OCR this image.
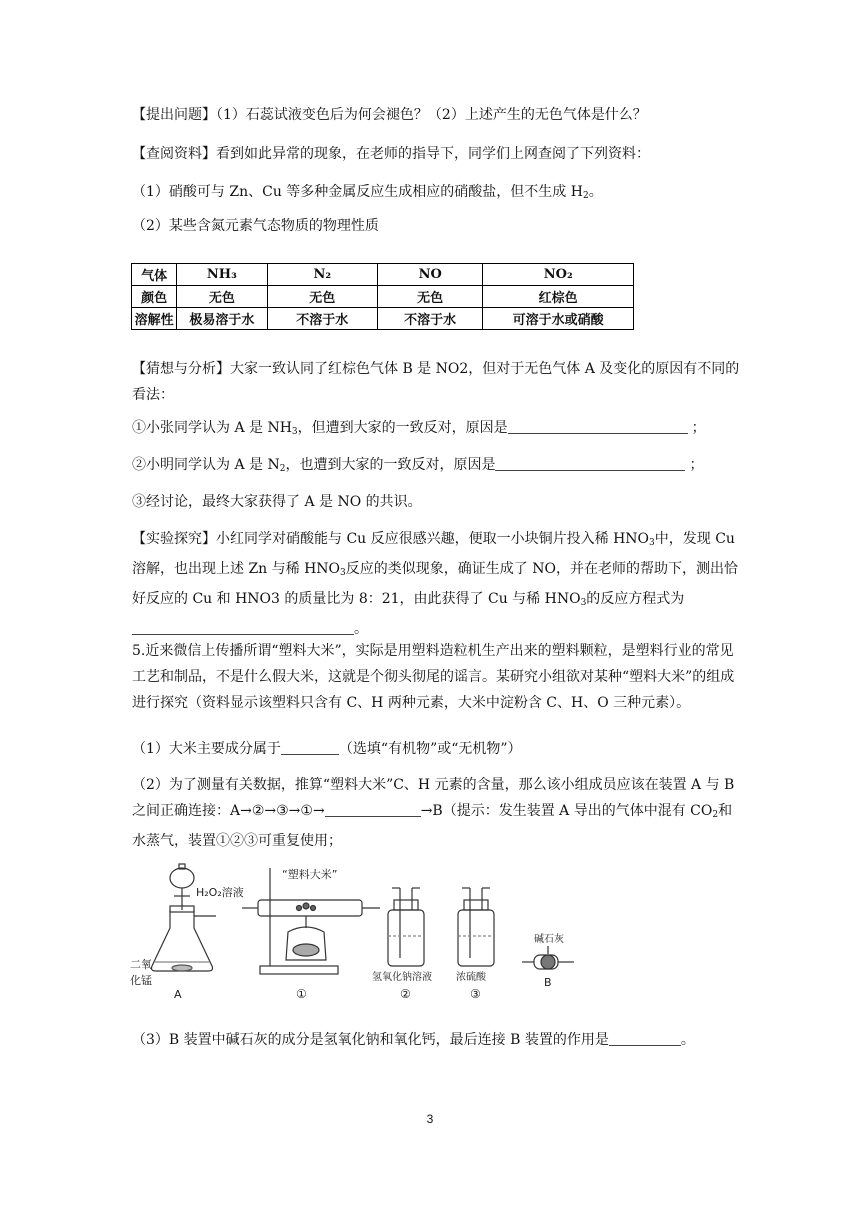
【提出问题】（1）石蕊试液变色后为何会褪色？（2）上述产生的无色气体是什么？

【查阅资料】看到如此异常的现象，在老师的指导下，同学们上网查阅了下列资料：

（1）硝酸可与 Zn、Cu 等多种金属反应生成相应的硝酸盐，但不生成 $H_2$。

（2）某些含氮元素气态物质的物理性质

气体	NH₃	N₂	NO	NO₂
颜色	无色	无色	无色	红棕色
溶解性	极易溶于水	不溶于水	不溶于水	可溶于水或硝酸

【猜想与分析】大家一致认同了红棕色气体 B 是 NO2，但对于无色气体 A 及变化的原因有不同的看法：

①小张同学认为 A 是 $NH_3$，但遭到大家的一致反对，原因是	；

②小明同学认为 A 是 $N_2$，也遭到大家的一致反对，原因是	；

③经讨论，最终大家获得了 A 是 NO 的共识。

【实验探究】小红同学对硝酸能与 Cu 反应很感兴趣，便取一小块铜片投入稀 $HNO_3$中，发现 Cu 溶解，也出现上述 Zn 与稀 $HNO_3$反应的类似现象，确证生成了 NO，并在老师的帮助下，测出恰好反应的 Cu 和 HNO3 的质量比为 8：21，由此获得了 Cu 与稀 $HNO_3$的反应方程式为
。

5.近来微信上传播所谓“塑料大米”，实际是用塑料造粒机生产出来的塑料颗粒，是塑料行业的常见工艺和制品，不是什么假大米，这就是个彻头彻尾的谣言。某研究小组欲对某种“塑料大米”的组成进行探究（资料显示该塑料只含有 C、H 两种元素，大米中淀粉含 C、H、O 三种元素）。

（1）大米主要成分属于	（选填“有机物”或“无机物”）

（2）为了测量有关数据，推算“塑料大米”C、H 元素的含量，那么该小组成员应该在装置 A 与 B 之间正确连接：A→②→③→①→	→B（提示：发生装置 A 导出的气体中混有 $CO_2$和水蒸气，装置①②③可重复使用；

H₂O₂溶液
二氧
化锰
A
“塑料大米”
①
氢氧化钠溶液
②
浓硫酸
③
碱石灰
B

（3）B 装置中碱石灰的成分是氢氧化钠和氧化钙，最后连接 B 装置的作用是	。

3
